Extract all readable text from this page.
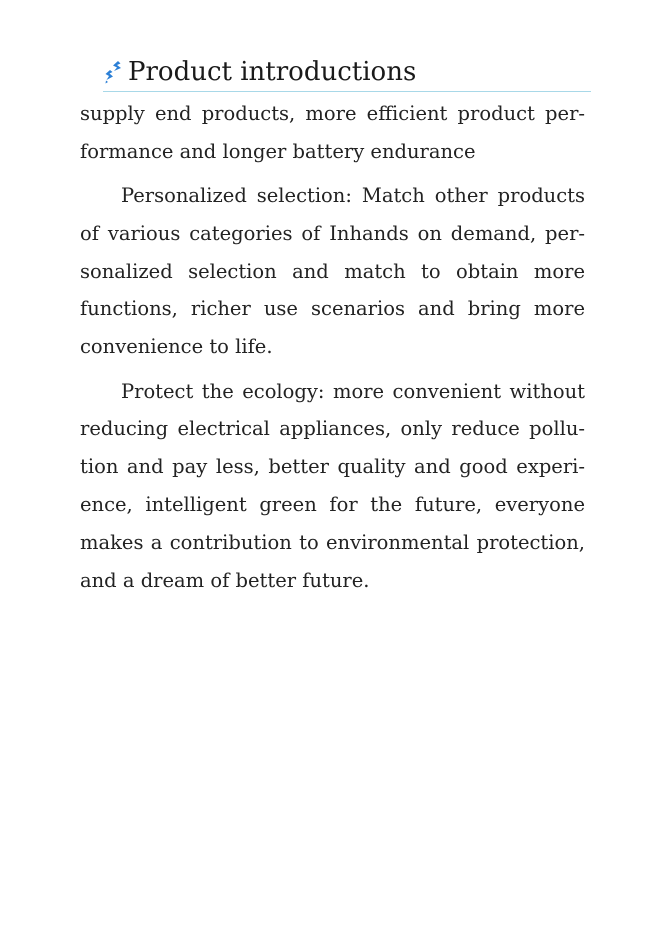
Product introductions

supply end products, more efficient product performance and longer battery endurance

Personalized selection: Match other products of various categories of Inhands on demand, personalized selection and match to obtain more functions, richer use scenarios and bring more convenience to life.

Protect the ecology: more convenient without reducing electrical appliances, only reduce pollution and pay less, better quality and good experience, intelligent green for the future, everyone makes a contribution to environmental protection, and a dream of better future.
